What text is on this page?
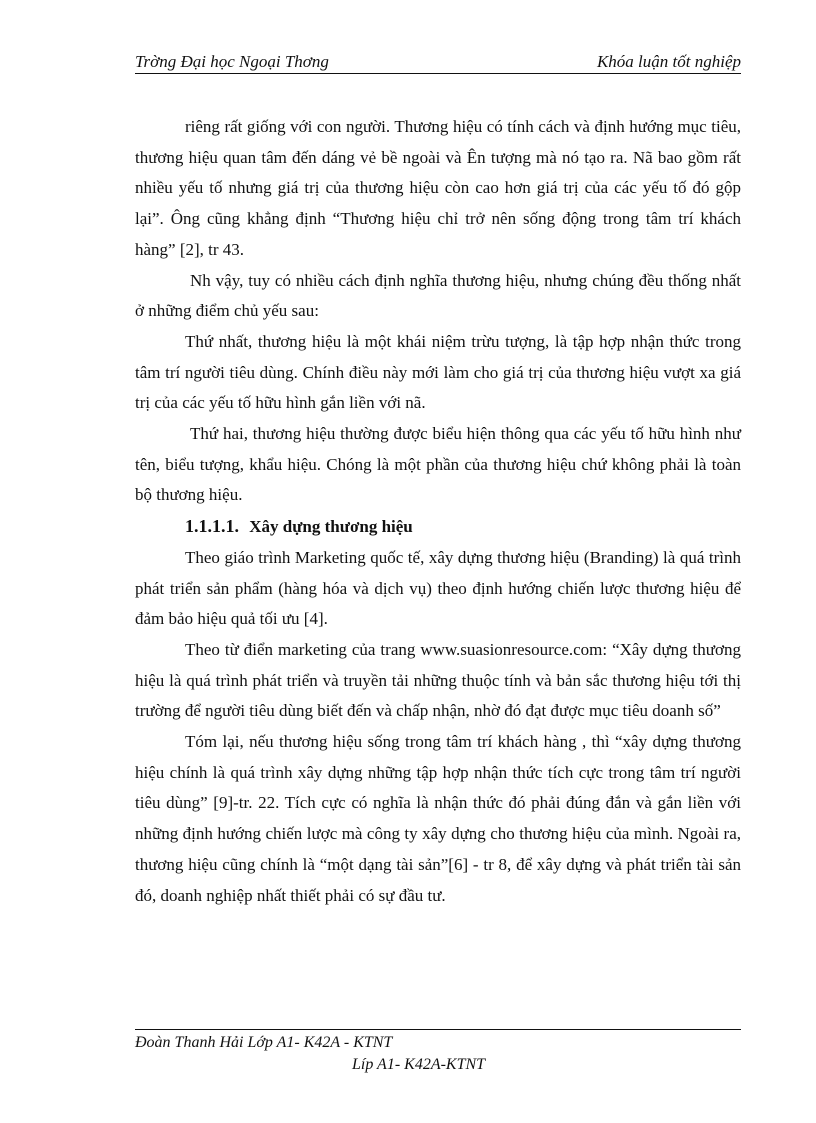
Trờng Đại học Ngoại Thơng	Khóa luận tốt nghiệp

riêng rất giống với con người. Thương hiệu có tính cách và định hướng mục tiêu, thương hiệu quan tâm đến dáng vẻ bề ngoài và Ên tượng mà nó tạo ra. Nã bao gồm rất nhiều yếu tố nhưng giá trị của thương hiệu còn cao hơn giá trị của các yếu tố đó gộp lại”. Ông cũng khẳng định “Thương hiệu chỉ trở nên sống động trong tâm trí khách hàng” [2], tr 43.

Nh vậy, tuy có nhiều cách định nghĩa thương hiệu, nhưng chúng đều thống nhất ở những điểm chủ yếu sau:

Thứ nhất, thương hiệu là một khái niệm trừu tượng, là tập hợp nhận thức trong tâm trí người tiêu dùng. Chính điều này mới làm cho giá trị của thương hiệu vượt xa giá trị của các yếu tố hữu hình gắn liền với nã.

Thứ hai, thương hiệu thường được biểu hiện thông qua các yếu tố hữu hình như tên, biểu tượng, khẩu hiệu. Chóng là một phần của thương hiệu chứ không phải là toàn bộ thương hiệu.

1.1.1.1. Xây dựng thương hiệu

Theo giáo trình Marketing quốc tế, xây dựng thương hiệu (Branding) là quá trình phát triển sản phẩm (hàng hóa và dịch vụ) theo định hướng chiến lược thương hiệu để đảm bảo hiệu quả tối ưu [4].

Theo từ điển marketing của trang www.suasionresource.com: “Xây dựng thương hiệu là quá trình phát triển và truyền tải những thuộc tính và bản sắc thương hiệu tới thị trường để người tiêu dùng biết đến và chấp nhận, nhờ đó đạt được mục tiêu doanh số”

Tóm lại, nếu thương hiệu sống trong tâm trí khách hàng , thì “xây dựng thương hiệu chính là quá trình xây dựng những tập hợp nhận thức tích cực trong tâm trí người tiêu dùng” [9]-tr. 22. Tích cực có nghĩa là nhận thức đó phải đúng đắn và gắn liền với những định hướng chiến lược mà công ty xây dựng cho thương hiệu của mình. Ngoài ra, thương hiệu cũng chính là “một dạng tài sản”[6] - tr 8, để xây dựng và phát triển tài sản đó, doanh nghiệp nhất thiết phải có sự đầu tư.

Đoàn Thanh Hải Lớp A1- K42A - KTNT
Líp A1- K42A-KTNT
